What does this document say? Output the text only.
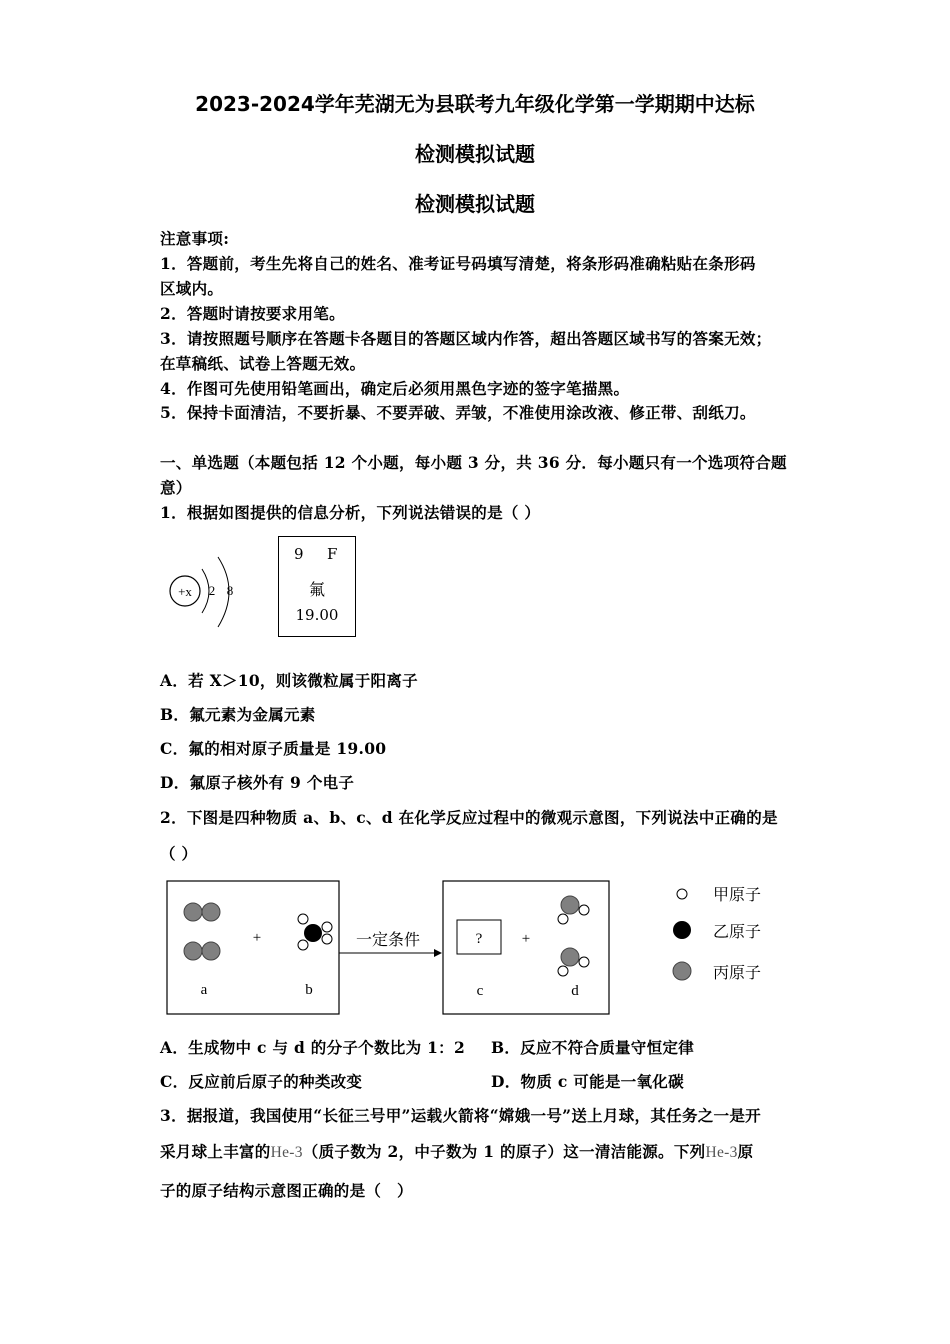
2023-2024学年芜湖无为县联考九年级化学第一学期期中达标
检测模拟试题
检测模拟试题
注意事项:
1．答题前，考生先将自己的姓名、准考证号码填写清楚，将条形码准确粘贴在条形码
区域内。
2．答题时请按要求用笔。
3．请按照题号顺序在答题卡各题目的答题区域内作答，超出答题区域书写的答案无效；
在草稿纸、试卷上答题无效。
4．作图可先使用铅笔画出，确定后必须用黑色字迹的签字笔描黑。
5．保持卡面清洁，不要折暴、不要弄破、弄皱，不准使用涂改液、修正带、刮纸刀。
一、单选题（本题包括 12 个小题，每小题 3 分，共 36 分．每小题只有一个选项符合题
意）
1．根据如图提供的信息分析，下列说法错误的是（ ）
+x 2 8
9 F
氟
19.00
A．若 X＞10，则该微粒属于阳离子
B．氟元素为金属元素
C．氟的相对原子质量是 19.00
D．氟原子核外有 9 个电子
2．下图是四种物质 a、b、c、d 在化学反应过程中的微观示意图，下列说法中正确的是
（ ）
+
a	b
一定条件	?	+
c	d
甲原子
乙原子
丙原子
A．生成物中 c 与 d 的分子个数比为 1：2 B．反应不符合质量守恒定律
C．反应前后原子的种类改变	D．物质 c 可能是一氧化碳
3．据报道，我国使用“长征三号甲”运载火箭将“嫦娥一号”送上月球，其任务之一是开
采月球上丰富的He-3（质子数为 2，中子数为 1 的原子）这一清洁能源。下列He-3原
子的原子结构示意图正确的是（　）
